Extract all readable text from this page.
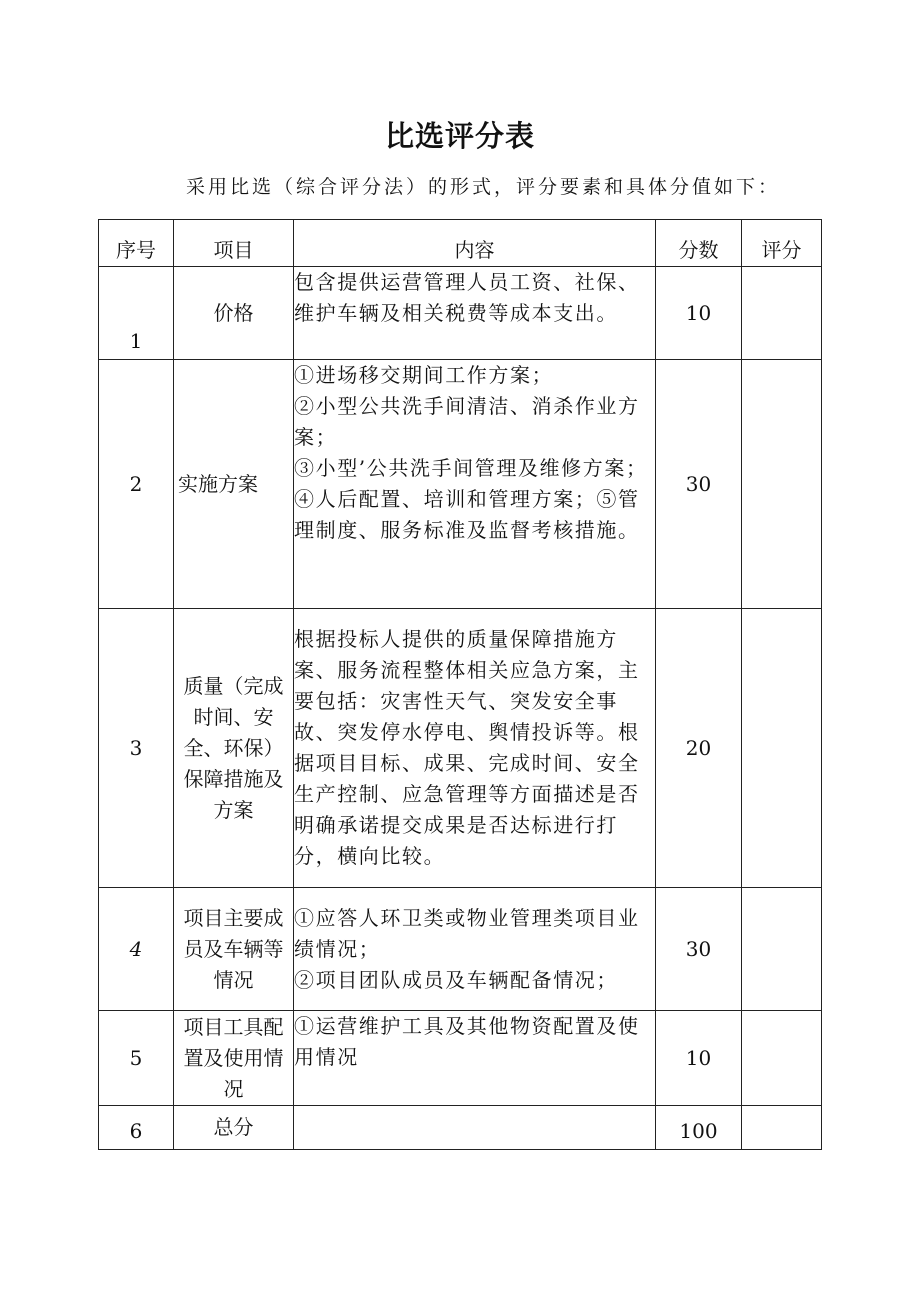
比选评分表
采用比选（综合评分法）的形式，评分要素和具体分值如下：
序号	项目	内容	分数	评分
1	价格	包含提供运营管理人员工资、社保、维护车辆及相关税费等成本支出。	10	
2	实施方案	①进场移交期间工作方案；

②小型公共洗手间清洁、消杀作业方案；

③小型’公共洗手间管理及维修方案；

④人后配置、培训和管理方案；⑤管理制度、服务标准及监督考核措施。	30	
3	质量（完成时间、安全、环保）保障措施及方案	根据投标人提供的质量保障措施方案、服务流程整体相关应急方案，主要包括：灾害性天气、突发安全事故、突发停水停电、舆情投诉等。根据项目目标、成果、完成时间、安全生产控制、应急管理等方面描述是否明确承诺提交成果是否达标进行打分，横向比较。	20	
4	项目主要成员及车辆等情况	①应答人环卫类或物业管理类项目业绩情况；

②项目团队成员及车辆配备情况；	30	
5	项目工具配置及使用情况	①运营维护工具及其他物资配置及使用情况	10	
6	总分		100	
